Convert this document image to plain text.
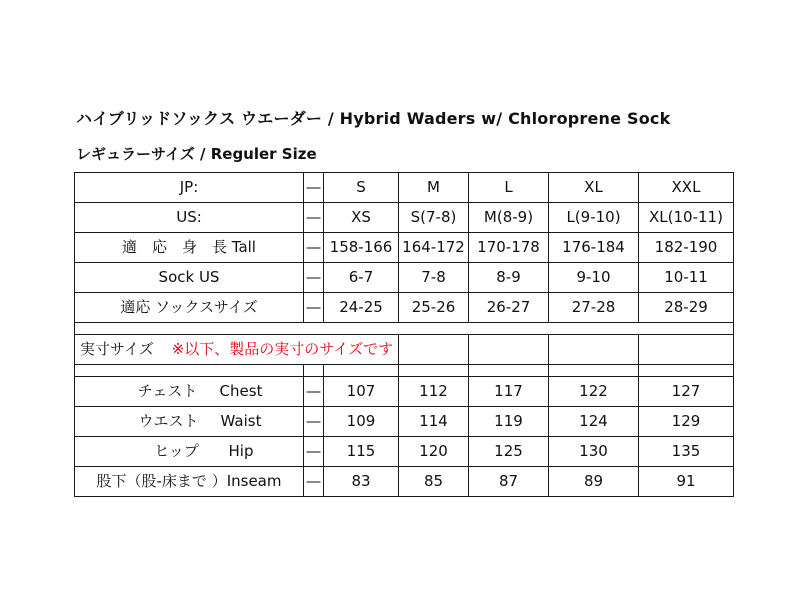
ハイブリッドソックス ウエーダー / Hybrid Waders w/ Chloroprene Sock
レギュラーサイズ / Reguler Size
JP:	―	S	M	L	XL	XXL
US:	―	XS	S(7-8)	M(8-9)	L(9-10)	XL(10-11)
適　応　身　長 Tall	―	158-166	164-172	170-178	176-184	182-190
Sock US	―	6-7	7-8	8-9	9-10	10-11
適応 ソックスサイズ	―	24-25	25-26	26-27	27-28	28-29

実寸サイズ ※以下、製品の実寸のサイズです						

チェスト Chest	―	107	112	117	122	127
ウエスト Waist	―	109	114	119	124	129
ヒップ Hip	―	115	120	125	130	135
股下（股-床まで ）Inseam	―	83	85	87	89	91
